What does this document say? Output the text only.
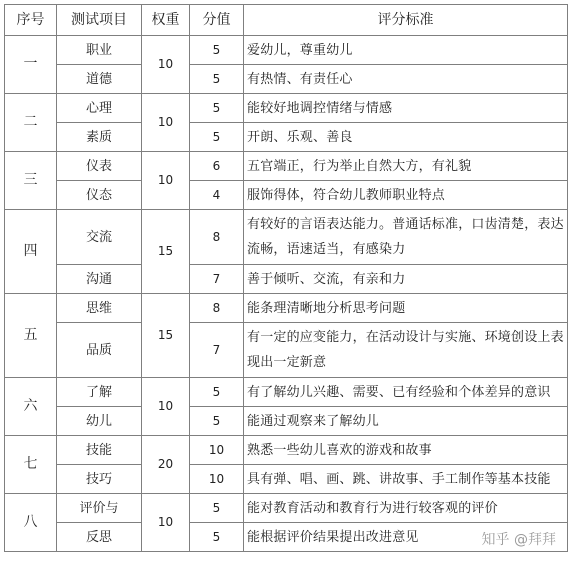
序号	测试项目	权重	分值	评分标准
一	职业	10	5	爱幼儿，尊重幼儿
	道德		5	有热情、有责任心
二	心理	10	5	能较好地调控情绪与情感
	素质		5	开朗、乐观、善良
三	仪表	10	6	五官端正，行为举止自然大方，有礼貌
	仪态		4	服饰得体，符合幼儿教师职业特点
四	交流	15	8	有较好的言语表达能力。普通话标准，口齿清楚，表达流畅，语速适当，有感染力
	沟通		7	善于倾听、交流，有亲和力
五	思维	15	8	能条理清晰地分析思考问题
	品质		7	有一定的应变能力，在活动设计与实施、环境创设上表现出一定新意
六	了解	10	5	有了解幼儿兴趣、需要、已有经验和个体差异的意识
	幼儿		5	能通过观察来了解幼儿
七	技能	20	10	熟悉一些幼儿喜欢的游戏和故事
	技巧		10	具有弹、唱、画、跳、讲故事、手工制作等基本技能
八	评价与	10	5	能对教育活动和教育行为进行较客观的评价
	反思		5	能根据评价结果提出改进意见	知乎 @拜拜
